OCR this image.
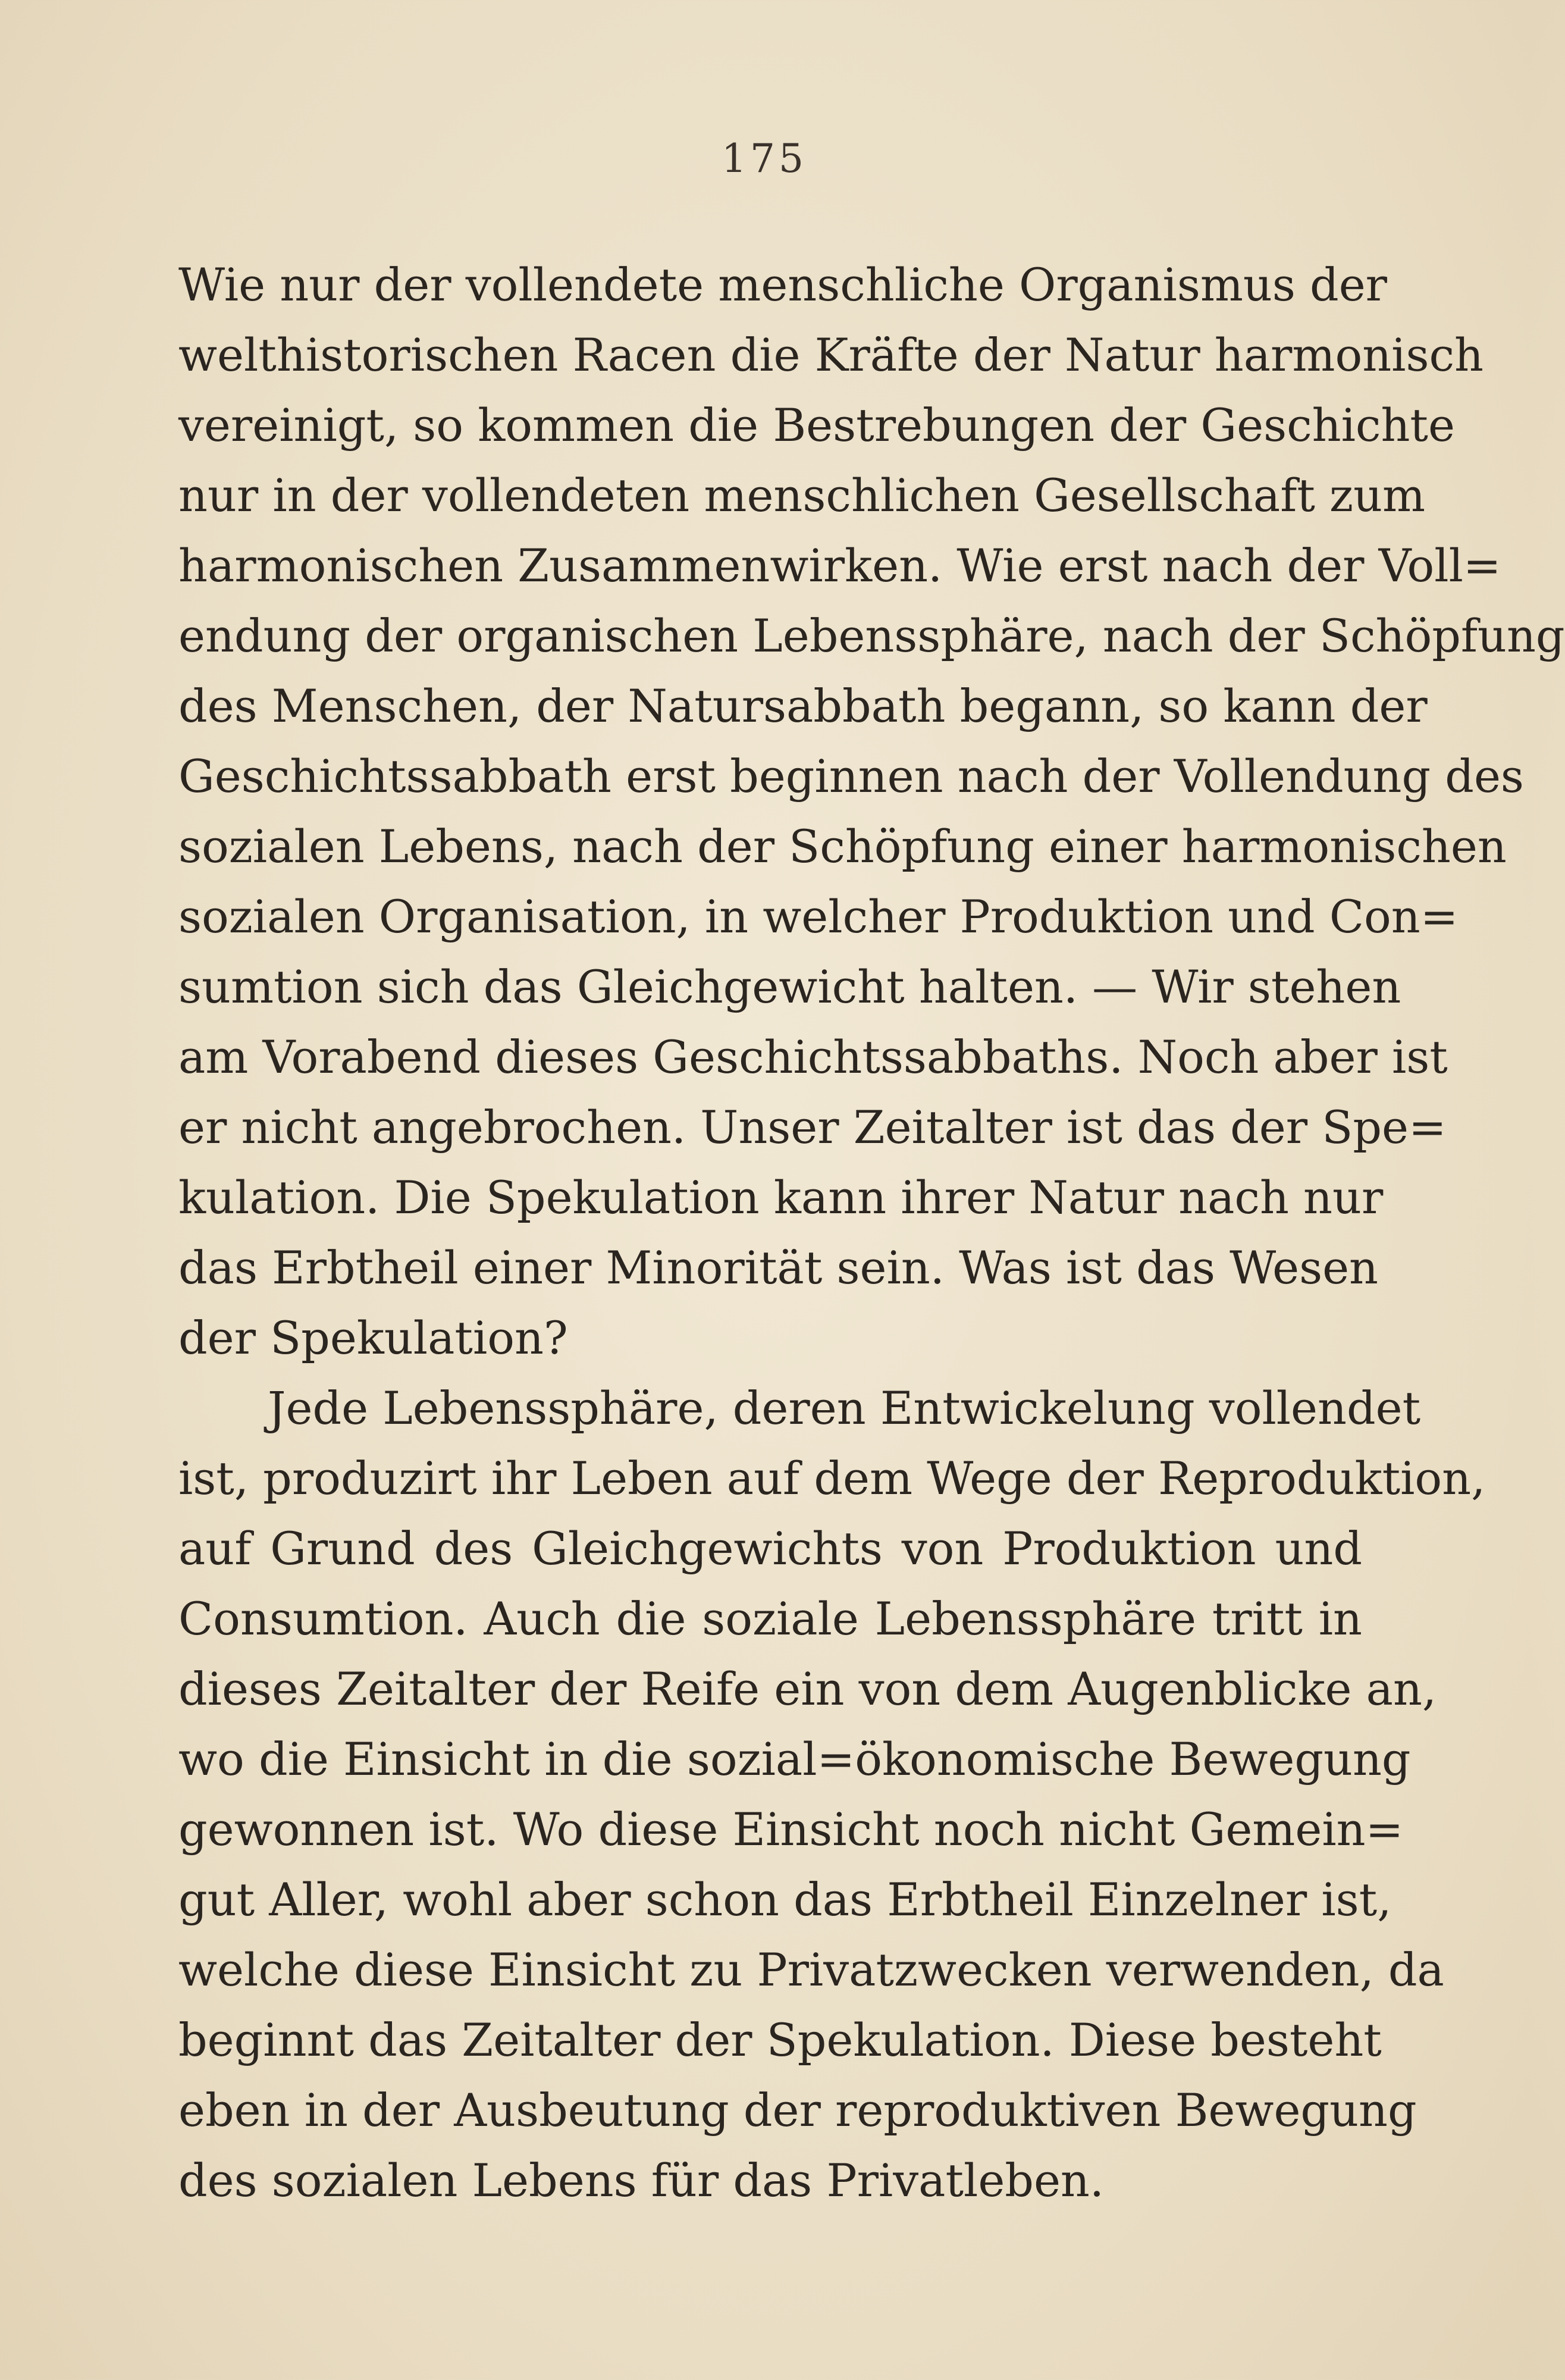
175
Wie nur der vollendete menschliche Organismus der
welthistorischen Racen die Kräfte der Natur harmonisch
vereinigt, so kommen die Bestrebungen der Geschichte
nur in der vollendeten menschlichen Gesellschaft zum
harmonischen Zusammenwirken. Wie erst nach der Voll=
endung der organischen Lebenssphäre, nach der Schöpfung
des Menschen, der Natursabbath begann, so kann der
Geschichtssabbath erst beginnen nach der Vollendung des
sozialen Lebens, nach der Schöpfung einer harmonischen
sozialen Organisation, in welcher Produktion und Con=
sumtion sich das Gleichgewicht halten. — Wir stehen
am Vorabend dieses Geschichtssabbaths. Noch aber ist
er nicht angebrochen. Unser Zeitalter ist das der Spe=
kulation. Die Spekulation kann ihrer Natur nach nur
das Erbtheil einer Minorität sein. Was ist das Wesen
der Spekulation?
Jede Lebenssphäre, deren Entwickelung vollendet
ist, produzirt ihr Leben auf dem Wege der Reproduktion,
auf Grund des Gleichgewichts von Produktion und
Consumtion. Auch die soziale Lebenssphäre tritt in
dieses Zeitalter der Reife ein von dem Augenblicke an,
wo die Einsicht in die sozial=ökonomische Bewegung
gewonnen ist. Wo diese Einsicht noch nicht Gemein=
gut Aller, wohl aber schon das Erbtheil Einzelner ist,
welche diese Einsicht zu Privatzwecken verwenden, da
beginnt das Zeitalter der Spekulation. Diese besteht
eben in der Ausbeutung der reproduktiven Bewegung
des sozialen Lebens für das Privatleben.
